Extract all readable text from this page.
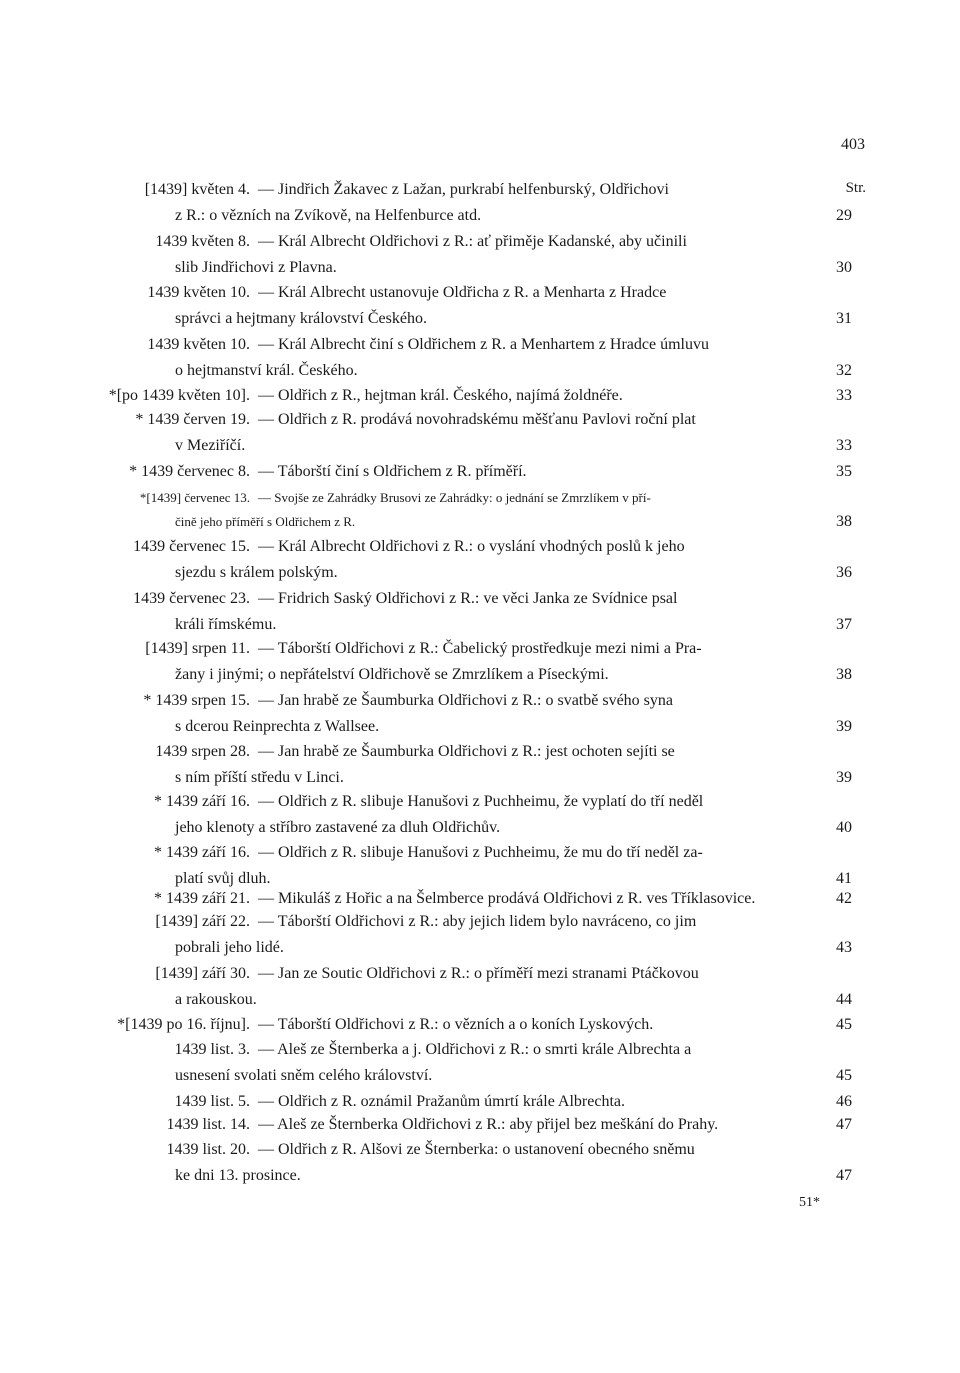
403
Str.
[1439] květen 4. — Jindřich Žakavec z Lažan, purkrabí helfenburský, Oldřichovi
z R.: o vězních na Zvíkově, na Helfenburce atd.	29
1439 květen 8. — Král Albrecht Oldřichovi z R.: ať přiměje Kadanské, aby učinili
slib Jindřichovi z Plavna.	30
1439 květen 10. — Král Albrecht ustanovuje Oldřicha z R. a Menharta z Hradce
správci a hejtmany království Českého.	31
1439 květen 10. — Král Albrecht činí s Oldřichem z R. a Menhartem z Hradce úmluvu
o hejtmanství král. Českého.	32
*[po 1439 květen 10]. — Oldřich z R., hejtman král. Českého, najímá žoldnéře.	33
* 1439 červen 19. — Oldřich z R. prodává novohradskému měšťanu Pavlovi roční plat
v Meziříčí.	33
* 1439 červenec 8. — Táborští činí s Oldřichem z R. příměří.	35
*[1439] červenec 13. — Svojše ze Zahrádky Brusovi ze Zahrádky: o jednání se Zmrzlíkem v pří-
čině jeho příměří s Oldřichem z R.	38
1439 červenec 15. — Král Albrecht Oldřichovi z R.: o vyslání vhodných poslů k jeho
sjezdu s králem polským.	36
1439 červenec 23. — Fridrich Saský Oldřichovi z R.: ve věci Janka ze Svídnice psal
králi římskému.	37
[1439] srpen 11. — Táborští Oldřichovi z R.: Čabelický prostředkuje mezi nimi a Pra-
žany i jinými; o nepřátelství Oldřichově se Zmrzlíkem a Píseckými.	38
* 1439 srpen 15. — Jan hrabě ze Šaumburka Oldřichovi z R.: o svatbě svého syna
s dcerou Reinprechta z Wallsee.	39
1439 srpen 28. — Jan hrabě ze Šaumburka Oldřichovi z R.: jest ochoten sejíti se
s ním příští středu v Linci.	39
* 1439 září 16. — Oldřich z R. slibuje Hanušovi z Puchheimu, že vyplatí do tří neděl
jeho klenoty a stříbro zastavené za dluh Oldřichův.	40
* 1439 září 16. — Oldřich z R. slibuje Hanušovi z Puchheimu, že mu do tří neděl za-
platí svůj dluh.	41
* 1439 září 21. — Mikuláš z Hořic a na Šelmberce prodává Oldřichovi z R. ves Tříklasovice.	42
[1439] září 22. — Táborští Oldřichovi z R.: aby jejich lidem bylo navráceno, co jim
pobrali jeho lidé.	43
[1439] září 30. — Jan ze Soutic Oldřichovi z R.: o příměří mezi stranami Ptáčkovou
a rakouskou.	44
*[1439 po 16. říjnu]. — Táborští Oldřichovi z R.: o vězních a o koních Lyskových.	45
1439 list. 3. — Aleš ze Šternberka a j. Oldřichovi z R.: o smrti krále Albrechta a
usnesení svolati sněm celého království.	45
1439 list. 5. — Oldřich z R. oznámil Pražanům úmrtí krále Albrechta.	46
1439 list. 14. — Aleš ze Šternberka Oldřichovi z R.: aby přijel bez meškání do Prahy.	47
1439 list. 20. — Oldřich z R. Alšovi ze Šternberka: o ustanovení obecného sněmu
ke dni 13. prosince.	47
51*
